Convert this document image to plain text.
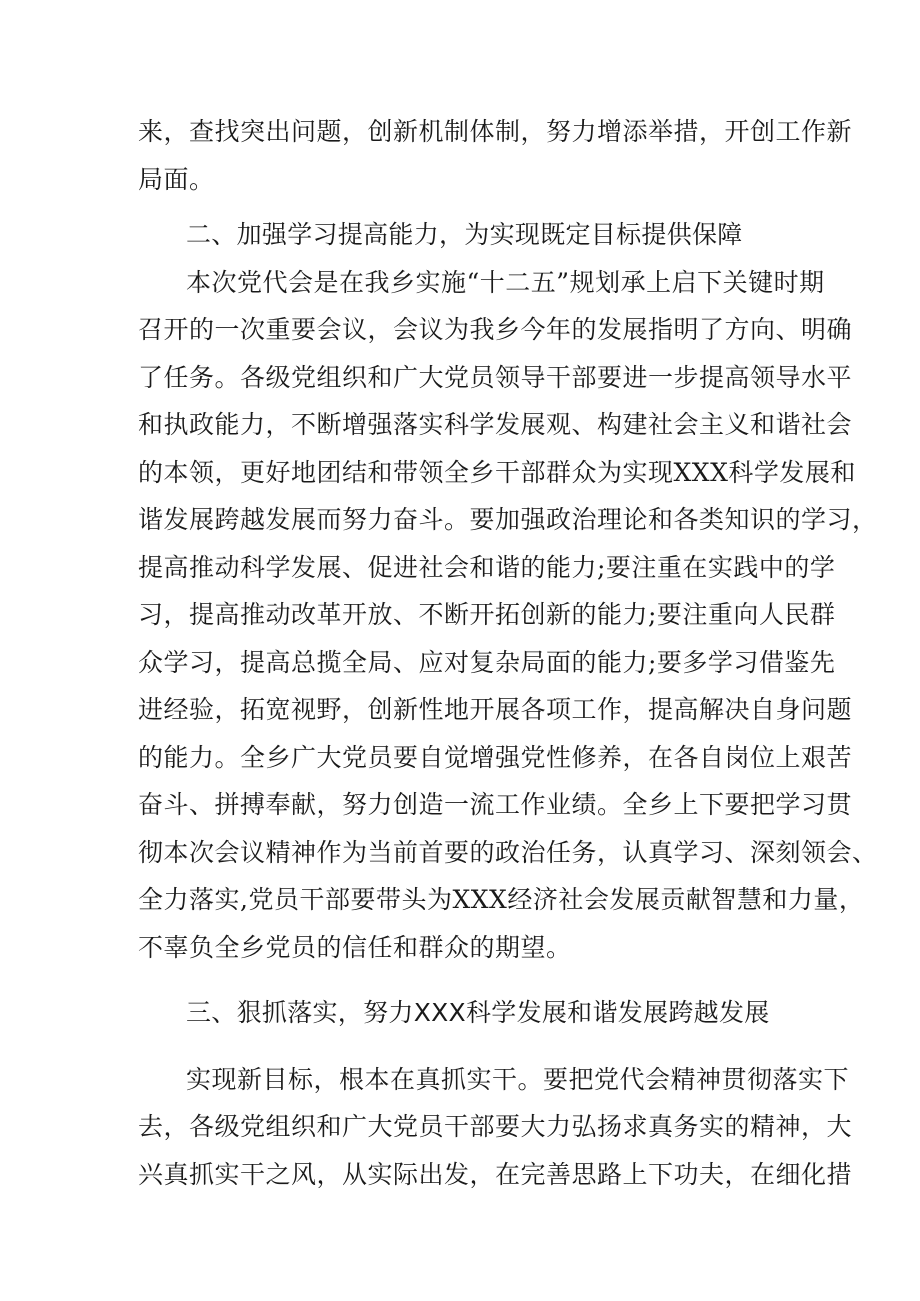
来，查找突出问题，创新机制体制，努力增添举措，开创工作新
局面。
二、加强学习提高能力，为实现既定目标提供保障
本次党代会是在我乡实施“十二五”规划承上启下关键时期
召开的一次重要会议，会议为我乡今年的发展指明了方向、明确
了任务。各级党组织和广大党员领导干部要进一步提高领导水平
和执政能力，不断增强落实科学发展观、构建社会主义和谐社会
的本领，更好地团结和带领全乡干部群众为实现XXX科学发展和
谐发展跨越发展而努力奋斗。要加强政治理论和各类知识的学习，
提高推动科学发展、促进社会和谐的能力;要注重在实践中的学
习，提高推动改革开放、不断开拓创新的能力;要注重向人民群
众学习，提高总揽全局、应对复杂局面的能力;要多学习借鉴先
进经验，拓宽视野，创新性地开展各项工作，提高解决自身问题
的能力。全乡广大党员要自觉增强党性修养，在各自岗位上艰苦
奋斗、拼搏奉献，努力创造一流工作业绩。全乡上下要把学习贯
彻本次会议精神作为当前首要的政治任务，认真学习、深刻领会、
全力落实,党员干部要带头为XXX经济社会发展贡献智慧和力量，
不辜负全乡党员的信任和群众的期望。
三、狠抓落实，努力XXX科学发展和谐发展跨越发展
实现新目标，根本在真抓实干。要把党代会精神贯彻落实下
去，各级党组织和广大党员干部要大力弘扬求真务实的精神，大
兴真抓实干之风，从实际出发，在完善思路上下功夫，在细化措
